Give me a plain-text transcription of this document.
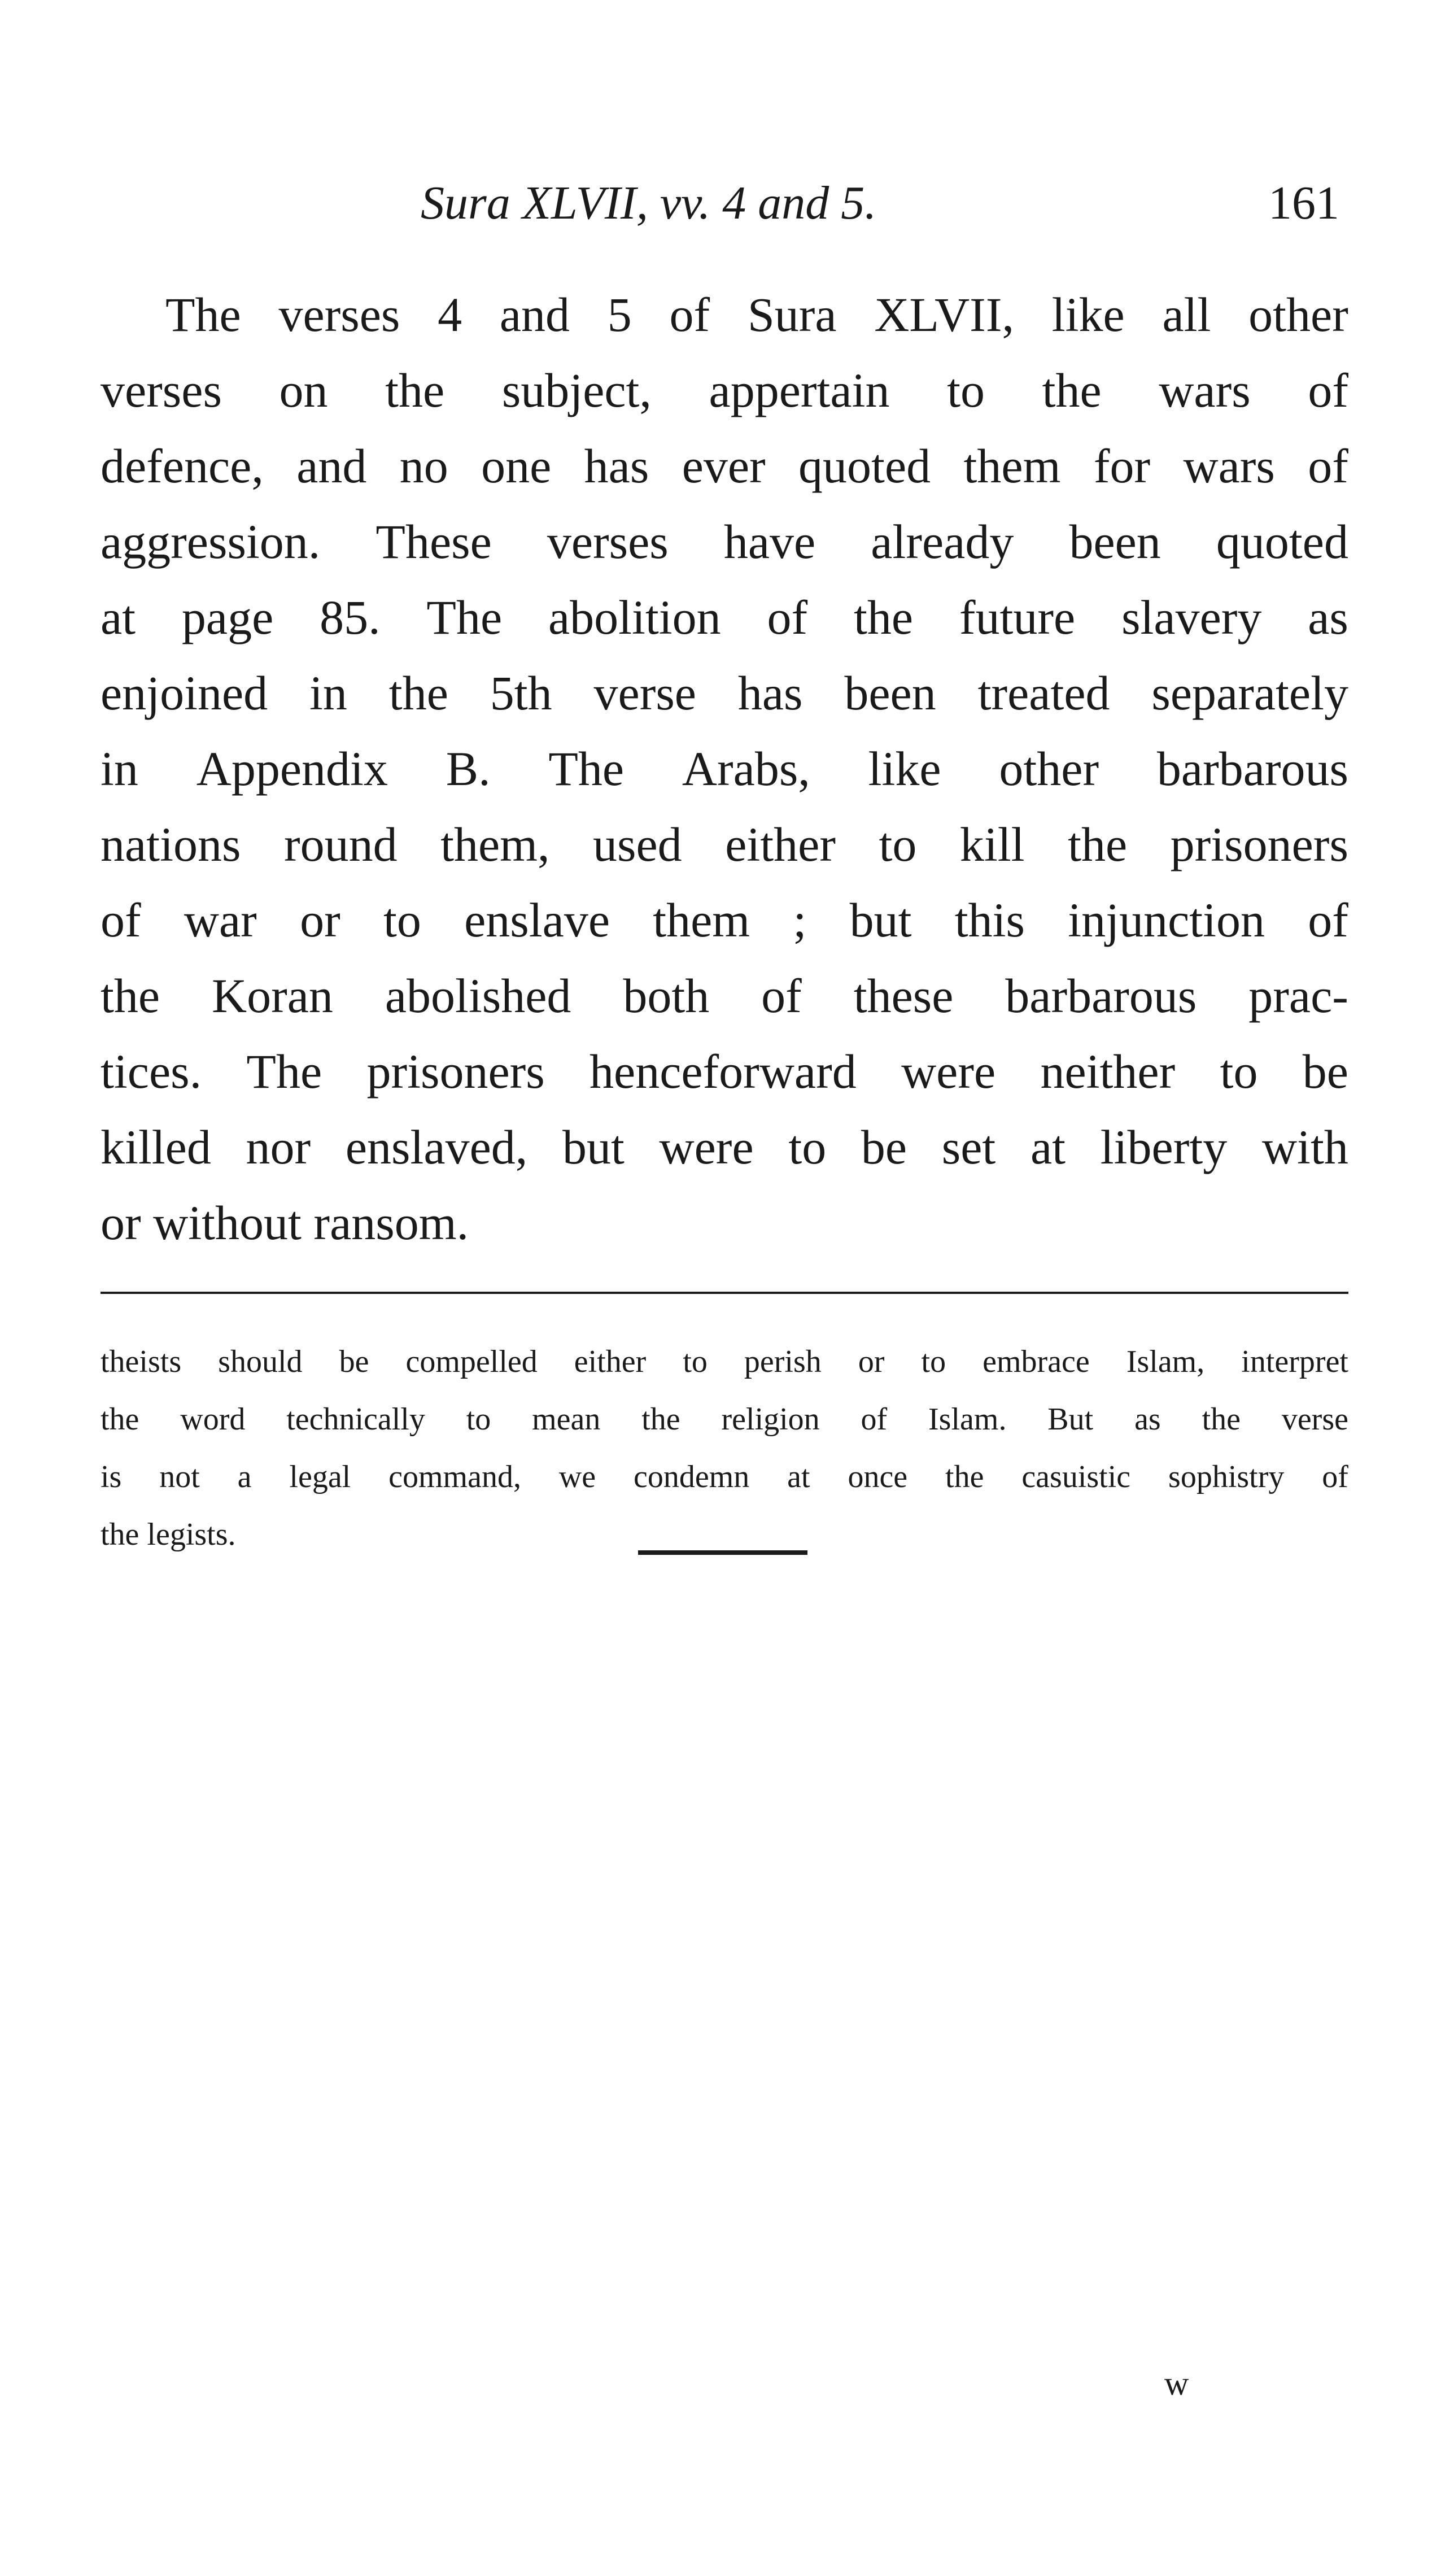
Sura XLVII, vv. 4 and 5.	161
The verses 4 and 5 of Sura XLVII, like all other
verses on the subject, appertain to the wars of
defence, and no one has ever quoted them for wars of
aggression. These verses have already been quoted
at page 85. The abolition of the future slavery as
enjoined in the 5th verse has been treated separately
in Appendix B. The Arabs, like other barbarous
nations round them, used either to kill the prisoners
of war or to enslave them ; but this injunction of
the Koran abolished both of these barbarous prac-
tices. The prisoners henceforward were neither to be
killed nor enslaved, but were to be set at liberty with
or without ransom.
theists should be compelled either to perish or to embrace Islam, interpret
the word technically to mean the religion of Islam. But as the verse
is not a legal command, we condemn at once the casuistic sophistry of
the legists.
w
